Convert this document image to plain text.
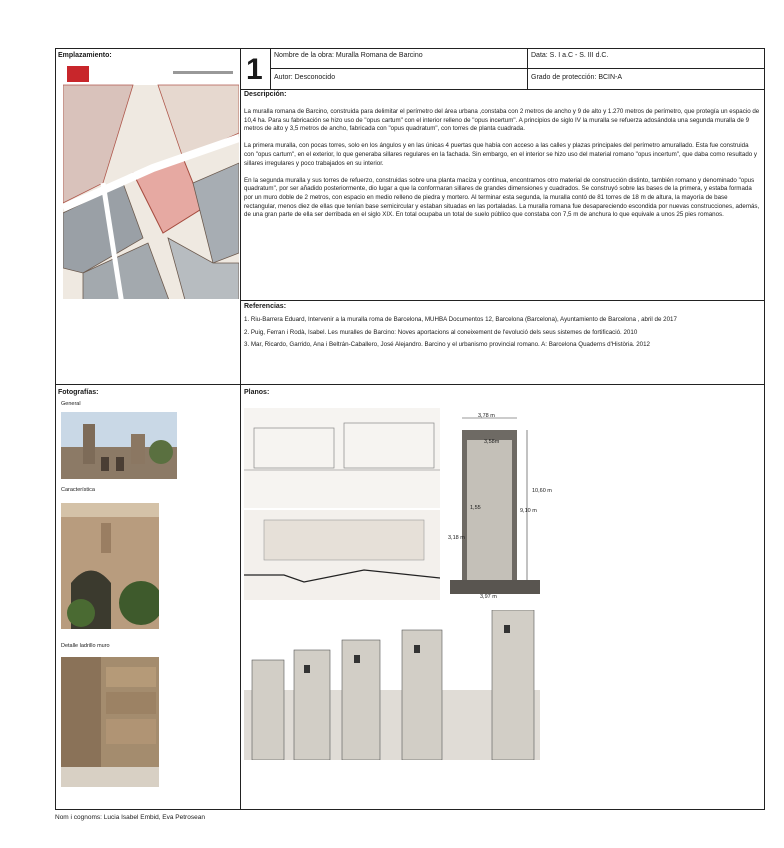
Emplazamiento:	1 Nombre de la obra: Muralla Romana de Barcino	Data: S. I a.C - S. III d.C.
Autor: Desconocido	Grado de protección: BCIN-A
Descripción:

La muralla romana de Barcino, construida para delimitar el perímetro del área urbana ,constaba con 2 metros de ancho y 9 de alto y 1.270 metros de perímetro, que protegía un espacio de 10,4 ha. Para su fabricación se hizo uso de "opus cartum" con el interior relleno de "opus incertum". A principios de siglo IV la muralla se refuerza adosándola una segunda muralla de 9 metros de alto y 3,5 metros de ancho, fabricada con "opus quadratum", con torres de planta cuadrada.

La primera muralla, con pocas torres, solo en los ángulos y en las únicas 4 puertas que había con acceso a las calles y plazas principales del perímetro amurallado. Esta fue construida con "opus cartum", en el exterior, lo que generaba sillares regulares en la fachada. Sin embargo, en el interior se hizo uso del material romano "opus incertum", que daba como resultado y sillares irregulares y poco trabajados en su interior.

En la segunda muralla y sus torres de refuerzo, construidas sobre una planta maciza y continua, encontramos otro material de construcción distinto, también romano y denominado "opus quadratum", por ser añadido posteriormente, dio lugar a que la conformaran sillares de grandes dimensiones y cuadrados. Se construyó sobre las bases de la primera, y estaba formada por un muro doble de 2 metros, con espacio en medio relleno de piedra y mortero. Al terminar esta segunda, la muralla contó de 81 torres de 18 m de altura, la mayoría de base rectangular, menos diez de ellas que tenían base semicircular y estaban situadas en las portaladas. La muralla romana fue desapareciendo escondida por nuevas construcciones, además, de una gran parte de ella ser derribada en el siglo XIX. En total ocupaba un total de suelo público que constaba con 7,5 m de anchura lo que equivale a unos 25 pies romanos.

Referencias:

1. Riu-Barrera Eduard, Intervenir a la muralla roma de Barcelona, MUHBA Documentos 12, Barcelona (Barcelona), Ayuntamiento de Barcelona , abril de 2017

2. Puig, Ferran i Rodà, Isabel. Les muralles de Barcino: Noves aportacions al coneixement de l'evolució dels seus sistemes de fortificació. 2010

3. Mar, Ricardo, Garrido, Ana i Beltrán-Caballero, José Alejandro. Barcino y el urbanismo provincial romano. A: Barcelona Quaderns d'Història. 2012

Fotografías:
General
Característica
Detalle ladrillo muro
Planos:
3,78 m
3,58m
1,55
3,18 m
10,60 m
9,10 m
3,97 m
Nom i cognoms: Lucia Isabel Embid, Eva Petrosean
